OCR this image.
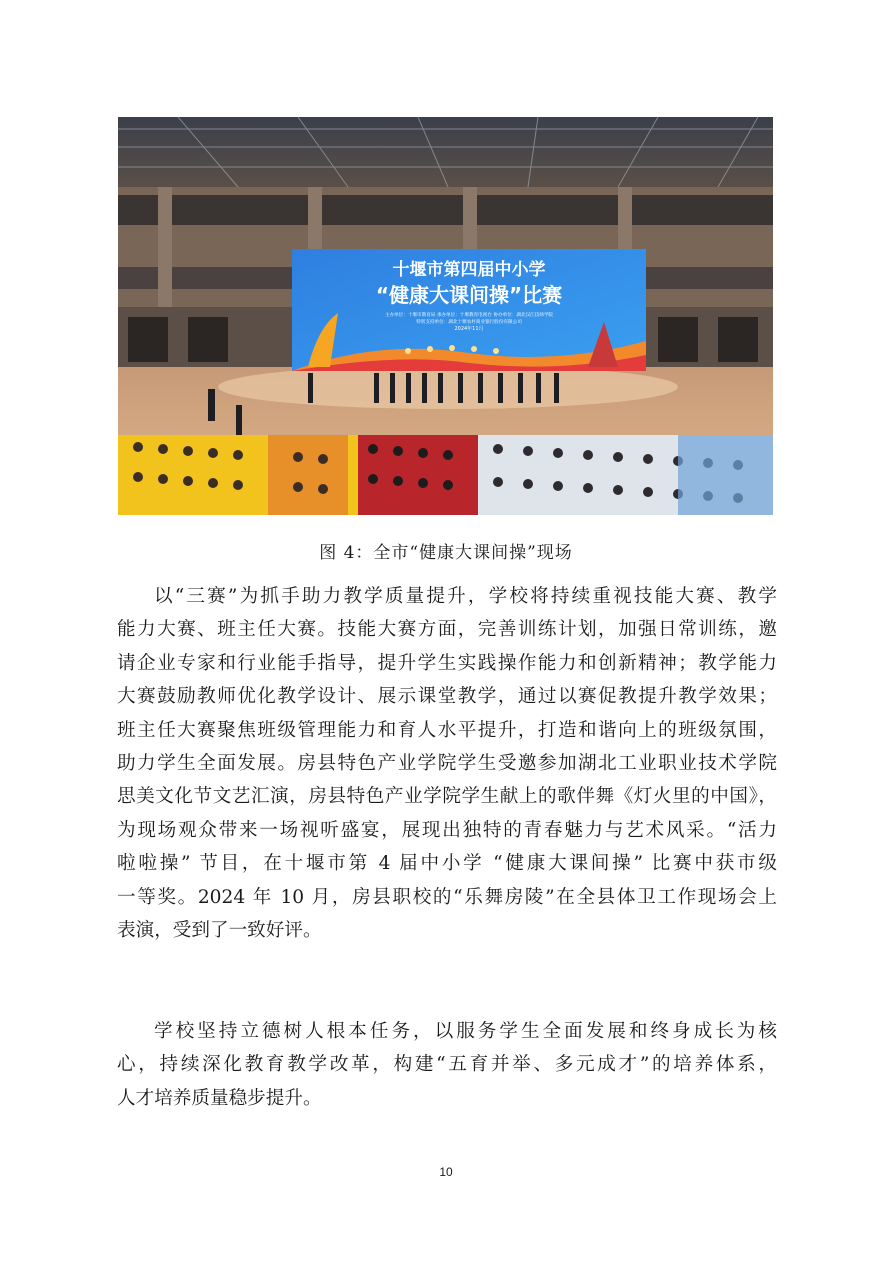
十堰市第四届中小学
“健康大课间操”比赛
主办单位：十堰市教育局 承办单位：十堰教育电视台 协办单位：湖北汉江技师学院
特别支持单位：湖北十堰农村商业银行股份有限公司
2024年11月
图 4：全市“健康大课间操”现场
以“三赛”为抓手助力教学质量提升，学校将持续重视技能大赛、教学
能力大赛、班主任大赛。技能大赛方面，完善训练计划，加强日常训练，邀
请企业专家和行业能手指导，提升学生实践操作能力和创新精神；教学能力
大赛鼓励教师优化教学设计、展示课堂教学，通过以赛促教提升教学效果；
班主任大赛聚焦班级管理能力和育人水平提升，打造和谐向上的班级氛围，
助力学生全面发展。房县特色产业学院学生受邀参加湖北工业职业技术学院
思美文化节文艺汇演，房县特色产业学院学生献上的歌伴舞《灯火里的中国》，
为现场观众带来一场视听盛宴，展现出独特的青春魅力与艺术风采。“活力
啦啦操” 节目，在十堰市第 4 届中小学 “健康大课间操” 比赛中获市级
一等奖。2024 年 10 月，房县职校的“乐舞房陵”在全县体卫工作现场会上
表演，受到了一致好评。
学校坚持立德树人根本任务，以服务学生全面发展和终身成长为核
心，持续深化教育教学改革，构建“五育并举、多元成才”的培养体系，
人才培养质量稳步提升。
10
